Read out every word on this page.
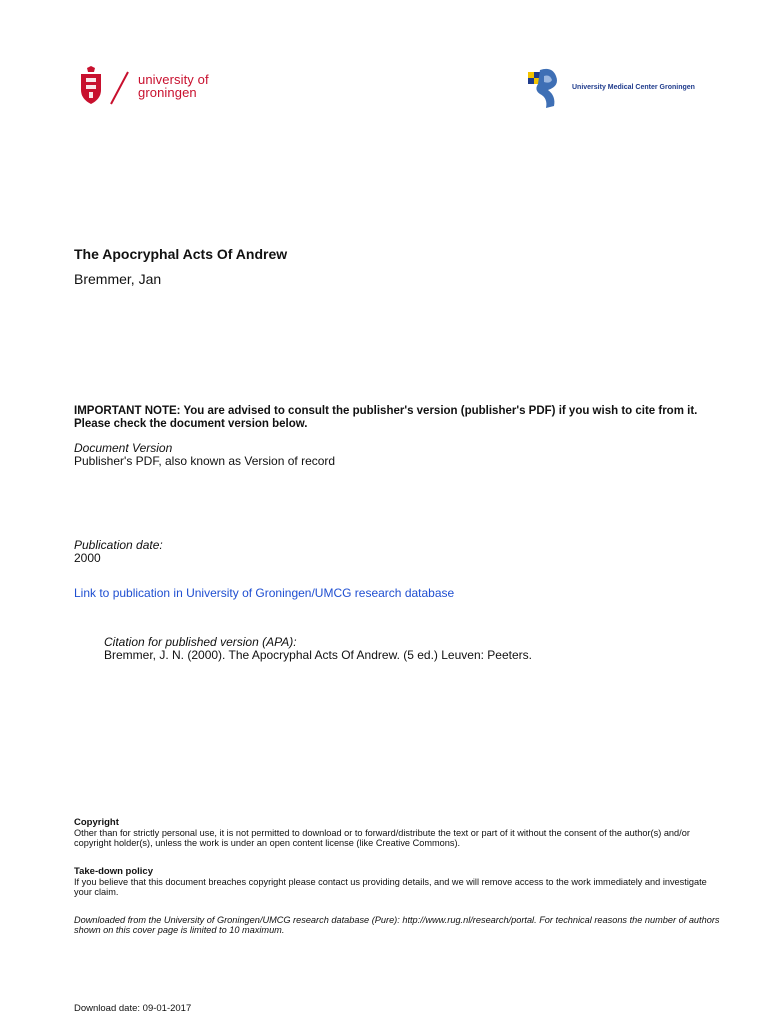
university of
groningen	University Medical Center Groningen
The Apocryphal Acts Of Andrew
Bremmer, Jan
IMPORTANT NOTE: You are advised to consult the publisher's version (publisher's PDF) if you wish to cite from it. Please check the document version below.
Document Version
Publisher's PDF, also known as Version of record
Publication date:
2000
Link to publication in University of Groningen/UMCG research database
Citation for published version (APA):
Bremmer, J. N. (2000). The Apocryphal Acts Of Andrew. (5 ed.) Leuven: Peeters.
Copyright
Other than for strictly personal use, it is not permitted to download or to forward/distribute the text or part of it without the consent of the author(s) and/or copyright holder(s), unless the work is under an open content license (like Creative Commons).
Take-down policy
If you believe that this document breaches copyright please contact us providing details, and we will remove access to the work immediately and investigate your claim.
Downloaded from the University of Groningen/UMCG research database (Pure): http://www.rug.nl/research/portal. For technical reasons the number of authors shown on this cover page is limited to 10 maximum.
Download date: 09-01-2017
